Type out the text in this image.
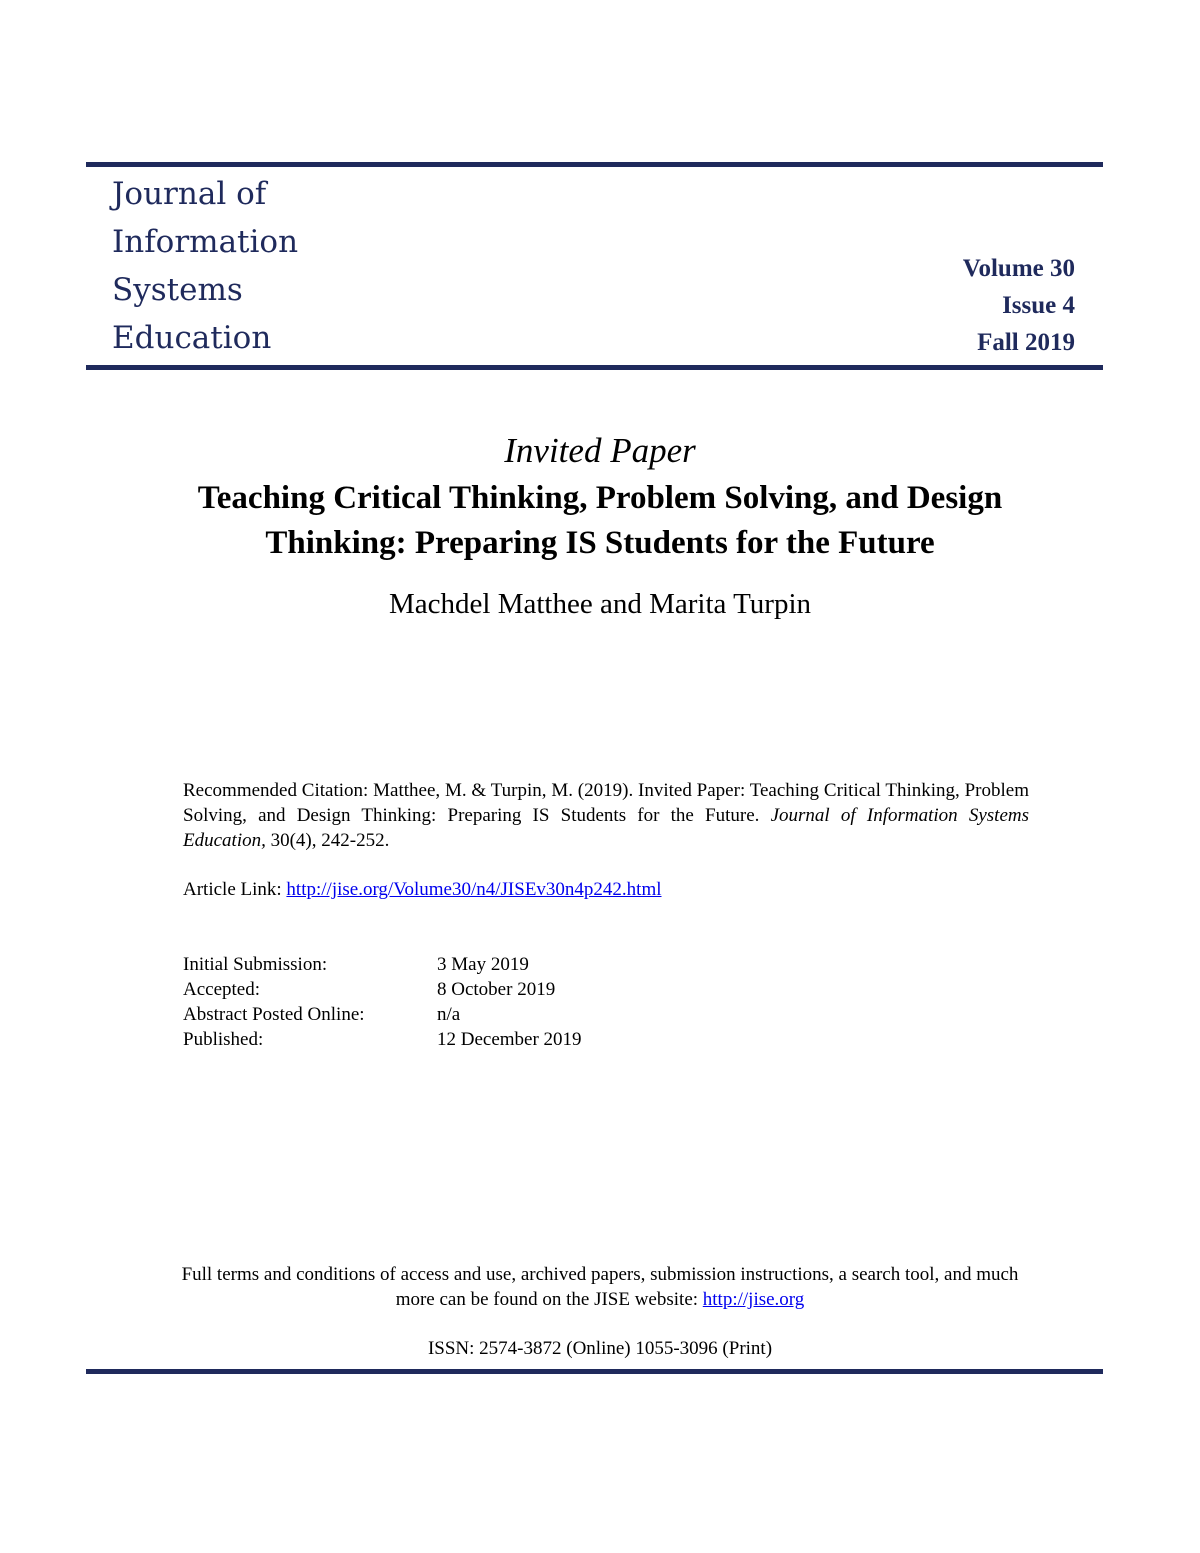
Journal of
Information
Systems
Education
Volume 30
Issue 4
Fall 2019
Invited Paper
Teaching Critical Thinking, Problem Solving, and Design Thinking: Preparing IS Students for the Future
Machdel Matthee and Marita Turpin
Recommended Citation: Matthee, M. & Turpin, M. (2019). Invited Paper: Teaching Critical Thinking, Problem Solving, and Design Thinking: Preparing IS Students for the Future. Journal of Information Systems Education, 30(4), 242-252.
Article Link: http://jise.org/Volume30/n4/JISEv30n4p242.html
Initial Submission:	3 May 2019
Accepted:	8 October 2019
Abstract Posted Online:	n/a
Published:	12 December 2019
Full terms and conditions of access and use, archived papers, submission instructions, a search tool, and much more can be found on the JISE website: http://jise.org
ISSN: 2574-3872 (Online) 1055-3096 (Print)
